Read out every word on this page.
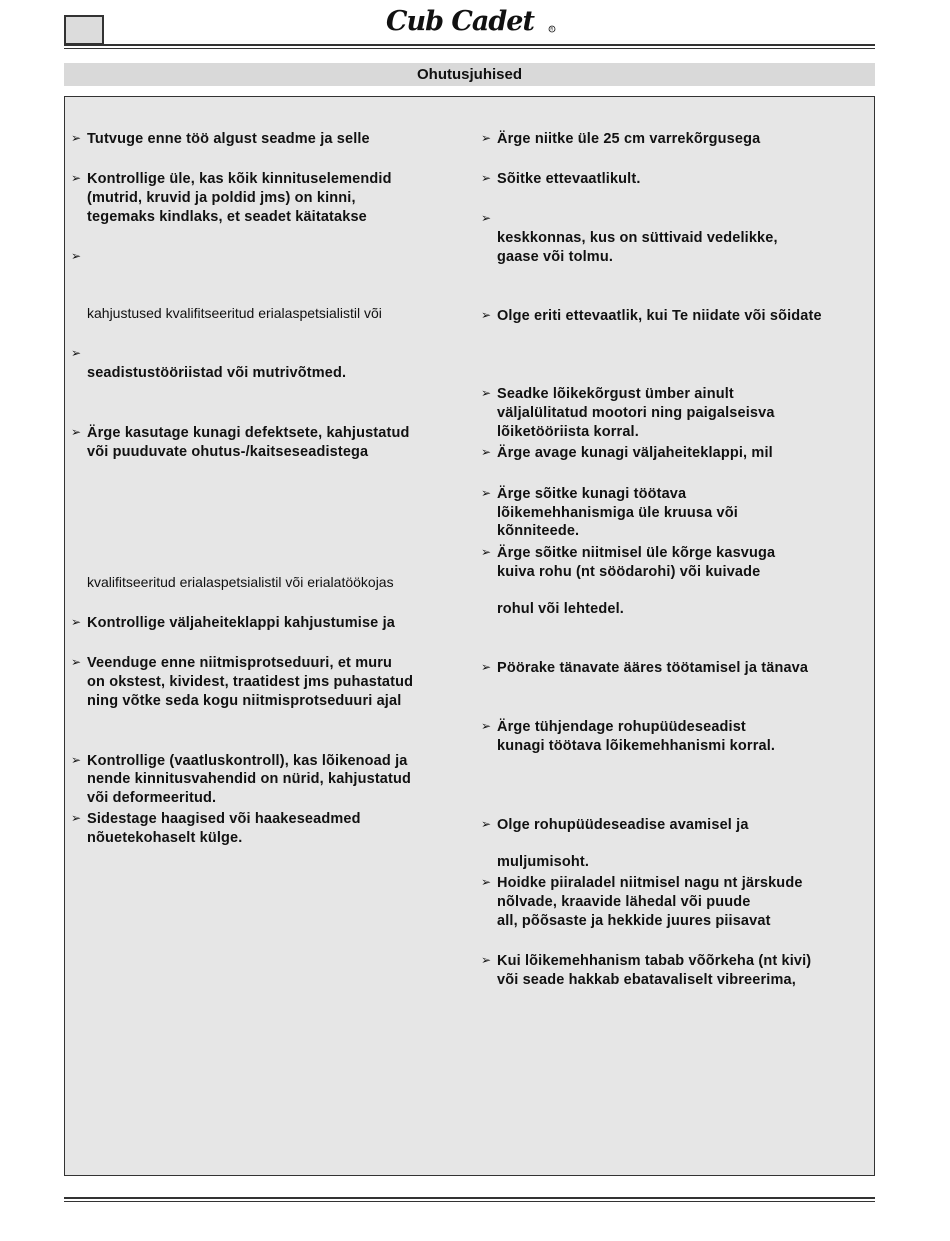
Cub Cadet	R
Ohutusjuhised
➢ Tutvuge enne töö algust seadme ja selle
➢ Kontrollige üle, kas kõik kinnituselemendid
(mutrid, kruvid ja poldid jms) on kinni,
tegemaks kindlaks, et seadet käitatakse
➢
kahjustused kvalifitseeritud erialaspetsialistil või
➢
seadistustööriistad või mutrivõtmed.
➢ Ärge kasutage kunagi defektsete, kahjustatud
või puuduvate ohutus-/kaitseseadistega
kvalifitseeritud erialaspetsialistil või erialatöökojas
➢ Kontrollige väljaheiteklappi kahjustumise ja
➢ Veenduge enne niitmisprotseduuri, et muru
on okstest, kividest, traatidest jms puhastatud
ning võtke seda kogu niitmisprotseduuri ajal
➢ Kontrollige (vaatluskontroll), kas lõikenoad ja
nende kinnitusvahendid on nürid, kahjustatud
või deformeeritud.
➢ Sidestage haagised või haakeseadmed
nõuetekohaselt külge.
➢ Ärge niitke üle 25 cm varrekõrgusega
➢ Sõitke ettevaatlikult.
➢
keskkonnas, kus on süttivaid vedelikke,
gaase või tolmu.
➢ Olge eriti ettevaatlik, kui Te niidate või sõidate
➢ Seadke lõikekõrgust ümber ainult
väljalülitatud mootori ning paigalseisva
lõiketööriista korral.
➢ Ärge avage kunagi väljaheiteklappi, mil
➢ Ärge sõitke kunagi töötava
lõikemehhanismiga üle kruusa või
kõnniteede.
➢ Ärge sõitke niitmisel üle kõrge kasvuga
kuiva rohu (nt söödarohi) või kuivade
rohul või lehtedel.
➢ Pöörake tänavate ääres töötamisel ja tänava
➢ Ärge tühjendage rohupüüdeseadist
kunagi töötava lõikemehhanismi korral.
➢ Olge rohupüüdeseadise avamisel ja
muljumisoht.
➢ Hoidke piiraladel niitmisel nagu nt järskude
nõlvade, kraavide lähedal või puude
all, põõsaste ja hekkide juures piisavat
➢ Kui lõikemehhanism tabab võõrkeha (nt kivi)
või seade hakkab ebatavaliselt vibreerima,
